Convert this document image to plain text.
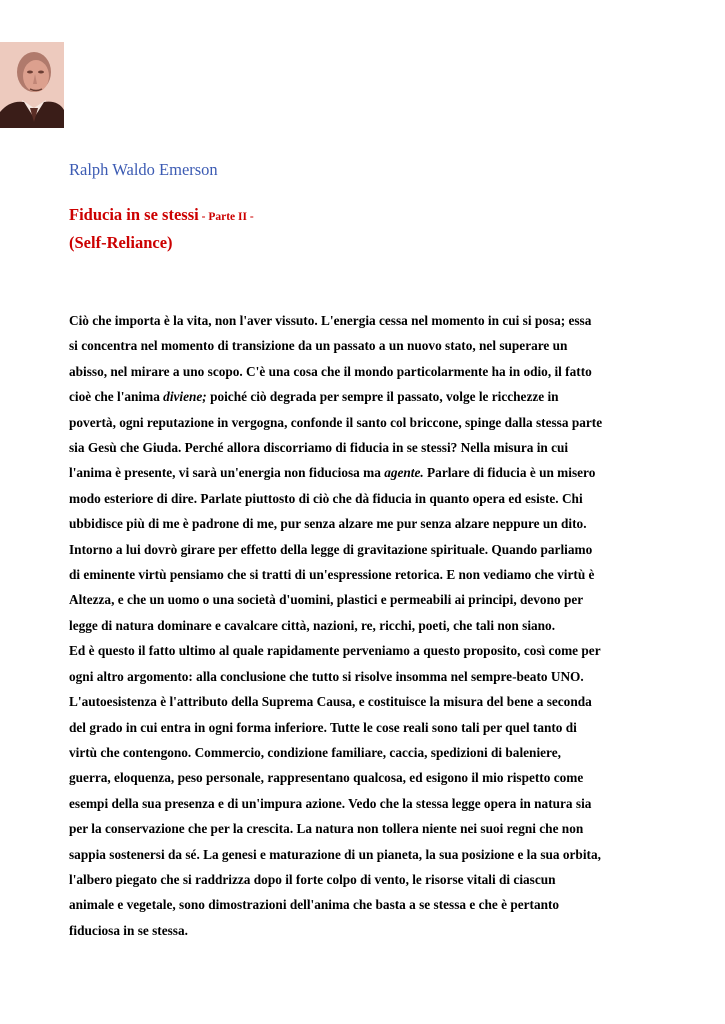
Ralph Waldo Emerson
Fiducia in se stessi - Parte II -
(Self-Reliance)
Ciò che importa è la vita, non l'aver vissuto. L'energia cessa nel momento in cui si posa; essa
si concentra nel momento di transizione da un passato a un nuovo stato, nel superare un
abisso, nel mirare a uno scopo. C'è una cosa che il mondo particolarmente ha in odio, il fatto
cioè che l'anima diviene; poiché ciò degrada per sempre il passato, volge le ricchezze in
povertà, ogni reputazione in vergogna, confonde il santo col briccone, spinge dalla stessa parte
sia Gesù che Giuda. Perché allora discorriamo di fiducia in se stessi? Nella misura in cui
l'anima è presente, vi sarà un'energia non fiduciosa ma agente. Parlare di fiducia è un misero
modo esteriore di dire. Parlate piuttosto di ciò che dà fiducia in quanto opera ed esiste. Chi
ubbidisce più di me è padrone di me, pur senza alzare me pur senza alzare neppure un dito.
Intorno a lui dovrò girare per effetto della legge di gravitazione spirituale. Quando parliamo
di eminente virtù pensiamo che si tratti di un'espressione retorica. E non vediamo che virtù è
Altezza, e che un uomo o una società d'uomini, plastici e permeabili ai principi, devono per
legge di natura dominare e cavalcare città, nazioni, re, ricchi, poeti, che tali non siano.
Ed è questo il fatto ultimo al quale rapidamente perveniamo a questo proposito, così come per
ogni altro argomento: alla conclusione che tutto si risolve insomma nel sempre-beato UNO.
L'autoesistenza è l'attributo della Suprema Causa, e costituisce la misura del bene a seconda
del grado in cui entra in ogni forma inferiore. Tutte le cose reali sono tali per quel tanto di
virtù che contengono. Commercio, condizione familiare, caccia, spedizioni di baleniere,
guerra, eloquenza, peso personale, rappresentano qualcosa, ed esigono il mio rispetto come
esempi della sua presenza e di un'impura azione. Vedo che la stessa legge opera in natura sia
per la conservazione che per la crescita. La natura non tollera niente nei suoi regni che non
sappia sostenersi da sé. La genesi e maturazione di un pianeta, la sua posizione e la sua orbita,
l'albero piegato che si raddrizza dopo il forte colpo di vento, le risorse vitali di ciascun
animale e vegetale, sono dimostrazioni dell'anima che basta a se stessa e che è pertanto
fiduciosa in se stessa.
